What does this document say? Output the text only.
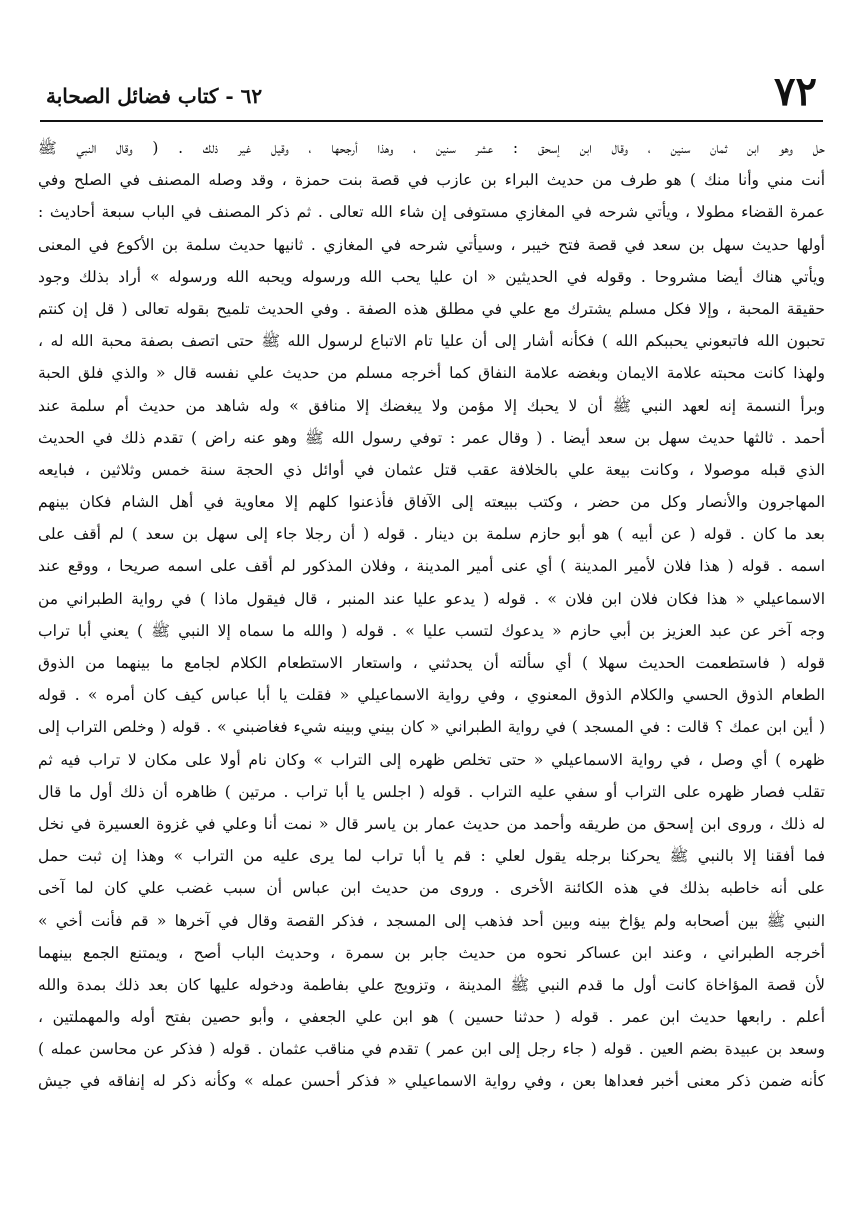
٧٢
٦٢ - كتاب فضائل الصحابة
حل وهو ابن ثمان سنين ، وقال ابن إسحق : عشر سنين ، وهذا أرجحها ، وقيل غير ذلك . ( وقال النبي ﷺ
أنت مني وأنا منك ) هو طرف من حديث البراء بن عازب في قصة بنت حمزة ، وقد وصله المصنف في الصلح وفي
عمرة القضاء مطولا ، ويأتي شرحه في المغازي مستوفى إن شاء الله تعالى . ثم ذكر المصنف في الباب سبعة أحاديث :
أولها حديث سهل بن سعد في قصة فتح خيبر ، وسيأتي شرحه في المغازي . ثانيها حديث سلمة بن الأكوع في المعنى
ويأتي هناك أيضا مشروحا . وقوله في الحديثين « ان عليا يحب الله ورسوله ويحبه الله ورسوله » أراد بذلك وجود
حقيقة المحبة ، وإلا فكل مسلم يشترك مع علي في مطلق هذه الصفة . وفي الحديث تلميح بقوله تعالى ( قل إن كنتم
تحبون الله فاتبعوني يحببكم الله ) فكأنه أشار إلى أن عليا تام الاتباع لرسول الله ﷺ حتى اتصف بصفة محبة الله له ،
ولهذا كانت محبته علامة الايمان وبغضه علامة النفاق كما أخرجه مسلم من حديث علي نفسه قال « والذي فلق الحبة
وبرأ النسمة إنه لعهد النبي ﷺ أن لا يحبك إلا مؤمن ولا يبغضك إلا منافق » وله شاهد من حديث أم سلمة عند
أحمد . ثالثها حديث سهل بن سعد أيضا . ( وقال عمر : توفي رسول الله ﷺ وهو عنه راض ) تقدم ذلك في الحديث
الذي قبله موصولا ، وكانت بيعة علي بالخلافة عقب قتل عثمان في أوائل ذي الحجة سنة خمس وثلاثين ، فبايعه
المهاجرون والأنصار وكل من حضر ، وكتب ببيعته إلى الآفاق فأذعنوا كلهم إلا معاوية في أهل الشام فكان بينهم
بعد ما كان . قوله ( عن أبيه ) هو أبو حازم سلمة بن دينار . قوله ( أن رجلا جاء إلى سهل بن سعد ) لم أقف على
اسمه . قوله ( هذا فلان لأمير المدينة ) أي عنى أمير المدينة ، وفلان المذكور لم أقف على اسمه صريحا ، ووقع عند
الاسماعيلي « هذا فكان فلان ابن فلان » . قوله ( يدعو عليا عند المنبر ، قال فيقول ماذا ) في رواية الطبراني من
وجه آخر عن عبد العزيز بن أبي حازم « يدعوك لتسب عليا » . قوله ( والله ما سماه إلا النبي ﷺ ) يعني أبا تراب
قوله ( فاستطعمت الحديث سهلا ) أي سألته أن يحدثني ، واستعار الاستطعام الكلام لجامع ما بينهما من الذوق
الطعام الذوق الحسي والكلام الذوق المعنوي ، وفي رواية الاسماعيلي « فقلت يا أبا عباس كيف كان أمره » . قوله
( أين ابن عمك ؟ قالت : في المسجد ) في رواية الطبراني « كان بيني وبينه شيء فغاضبني » . قوله ( وخلص التراب إلى
ظهره ) أي وصل ، في رواية الاسماعيلي « حتى تخلص ظهره إلى التراب » وكان نام أولا على مكان لا تراب فيه ثم
تقلب فصار ظهره على التراب أو سفي عليه التراب . قوله ( اجلس يا أبا تراب . مرتين ) ظاهره أن ذلك أول ما قال
له ذلك ، وروى ابن إسحق من طريقه وأحمد من حديث عمار بن ياسر قال « نمت أنا وعلي في غزوة العسيرة في نخل
فما أفقنا إلا بالنبي ﷺ يحركنا برجله يقول لعلي : قم يا أبا تراب لما يرى عليه من التراب » وهذا إن ثبت حمل
على أنه خاطبه بذلك في هذه الكائنة الأخرى . وروى من حديث ابن عباس أن سبب غضب علي كان لما آخى
النبي ﷺ بين أصحابه ولم يؤاخ بينه وبين أحد فذهب إلى المسجد ، فذكر القصة وقال في آخرها « قم فأنت أخي »
أخرجه الطبراني ، وعند ابن عساكر نحوه من حديث جابر بن سمرة ، وحديث الباب أصح ، ويمتنع الجمع بينهما
لأن قصة المؤاخاة كانت أول ما قدم النبي ﷺ المدينة ، وتزويج علي بفاطمة ودخوله عليها كان بعد ذلك بمدة والله
أعلم . رابعها حديث ابن عمر . قوله ( حدثنا حسين ) هو ابن علي الجعفي ، وأبو حصين بفتح أوله والمهملتين ،
وسعد بن عبيدة بضم العين . قوله ( جاء رجل إلى ابن عمر ) تقدم في مناقب عثمان . قوله ( فذكر عن محاسن عمله )
كأنه ضمن ذكر معنى أخبر فعداها بعن ، وفي رواية الاسماعيلي « فذكر أحسن عمله » وكأنه ذكر له إنفاقه في جيش
